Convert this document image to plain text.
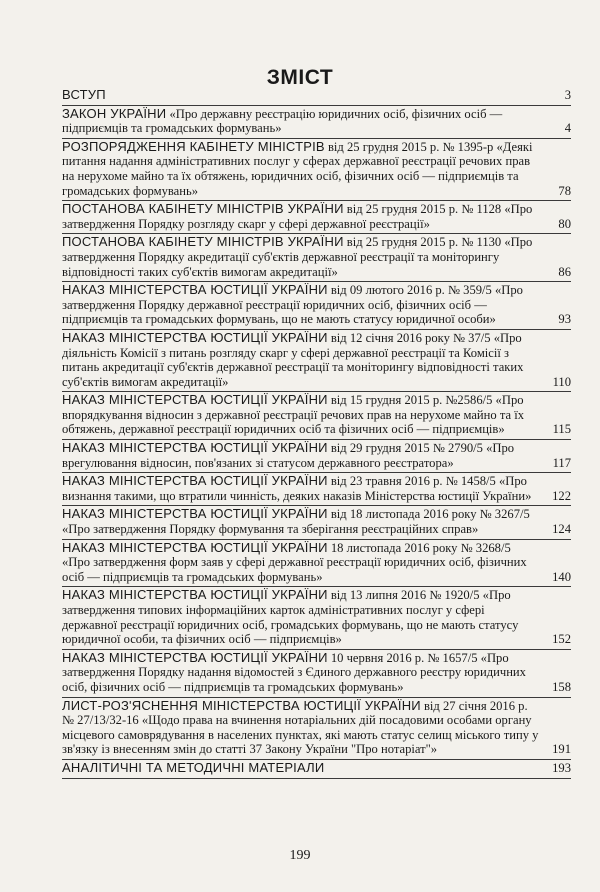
ЗМІСТ
ВСТУП	3
ЗАКОН УКРАЇНИ «Про державну реєстрацію юридичних осіб, фізичних осіб — підприємців та громадських формувань»	4
РОЗПОРЯДЖЕННЯ КАБІНЕТУ МІНІСТРІВ від 25 грудня 2015 р. № 1395-р «Деякі питання надання адміністративних послуг у сферах державної реєстрації речових прав на нерухоме майно та їх обтяжень, юридичних осіб, фізичних осіб — підприємців та громадських формувань»	78
ПОСТАНОВА КАБІНЕТУ МІНІСТРІВ УКРАЇНИ від 25 грудня 2015 р. № 1128 «Про затвердження Порядку розгляду скарг у сфері державної реєстрації»	80
ПОСТАНОВА КАБІНЕТУ МІНІСТРІВ УКРАЇНИ від 25 грудня 2015 р. № 1130 «Про затвердження Порядку акредитації суб'єктів державної реєстрації та моніторингу відповідності таких суб'єктів вимогам акредитації»	86
НАКАЗ МІНІСТЕРСТВА ЮСТИЦІЇ УКРАЇНИ від 09 лютого 2016 р. № 359/5 «Про затвердження Порядку державної реєстрації юридичних осіб, фізичних осіб — підприємців та громадських формувань, що не мають статусу юридичної особи»	93
НАКАЗ МІНІСТЕРСТВА ЮСТИЦІЇ УКРАЇНИ від 12 січня 2016 року № 37/5 «Про діяльність Комісії з питань розгляду скарг у сфері державної реєстрації та Комісії з питань акредитації суб'єктів державної реєстрації та моніторингу відповідності таких суб'єктів вимогам акредитації»	110
НАКАЗ МІНІСТЕРСТВА ЮСТИЦІЇ УКРАЇНИ від 15 грудня 2015 р. №2586/5 «Про впорядкування відносин з державної реєстрації речових прав на нерухоме майно та їх обтяжень, державної реєстрації юридичних осіб та фізичних осіб — підприємців»	115
НАКАЗ МІНІСТЕРСТВА ЮСТИЦІЇ УКРАЇНИ від 29 грудня 2015 № 2790/5 «Про врегулювання відносин, пов'язаних зі статусом державного реєстратора»	117
НАКАЗ МІНІСТЕРСТВА ЮСТИЦІЇ УКРАЇНИ від 23 травня 2016 р. № 1458/5 «Про визнання такими, що втратили чинність, деяких наказів Міністерства юстиції України»	122
НАКАЗ МІНІСТЕРСТВА ЮСТИЦІЇ УКРАЇНИ від 18 листопада 2016 року № 3267/5 «Про затвердження Порядку формування та зберігання реєстраційних справ»	124
НАКАЗ МІНІСТЕРСТВА ЮСТИЦІЇ УКРАЇНИ 18 листопада 2016 року № 3268/5 «Про затвердження форм заяв у сфері державної реєстрації юридичних осіб, фізичних осіб — підприємців та громадських формувань»	140
НАКАЗ МІНІСТЕРСТВА ЮСТИЦІЇ УКРАЇНИ від 13 липня 2016 № 1920/5 «Про затвердження типових інформаційних карток адміністративних послуг у сфері державної реєстрації юридичних осіб, громадських формувань, що не мають статусу юридичної особи, та фізичних осіб — підприємців»	152
НАКАЗ МІНІСТЕРСТВА ЮСТИЦІЇ УКРАЇНИ 10 червня 2016 р. № 1657/5 «Про затвердження Порядку надання відомостей з Єдиного державного реєстру юридичних осіб, фізичних осіб — підприємців та громадських формувань»	158
ЛИСТ-РОЗ'ЯСНЕННЯ МІНІСТЕРСТВА ЮСТИЦІЇ УКРАЇНИ від 27 січня 2016 р. № 27/13/32-16 «Щодо права на вчинення нотаріальних дій посадовими особами органу місцевого самоврядування в населених пунктах, які мають статус селищ міського типу у зв'язку із внесенням змін до статті 37 Закону України "Про нотаріат"»	191
АНАЛІТИЧНІ ТА МЕТОДИЧНІ МАТЕРІАЛИ	193
199
